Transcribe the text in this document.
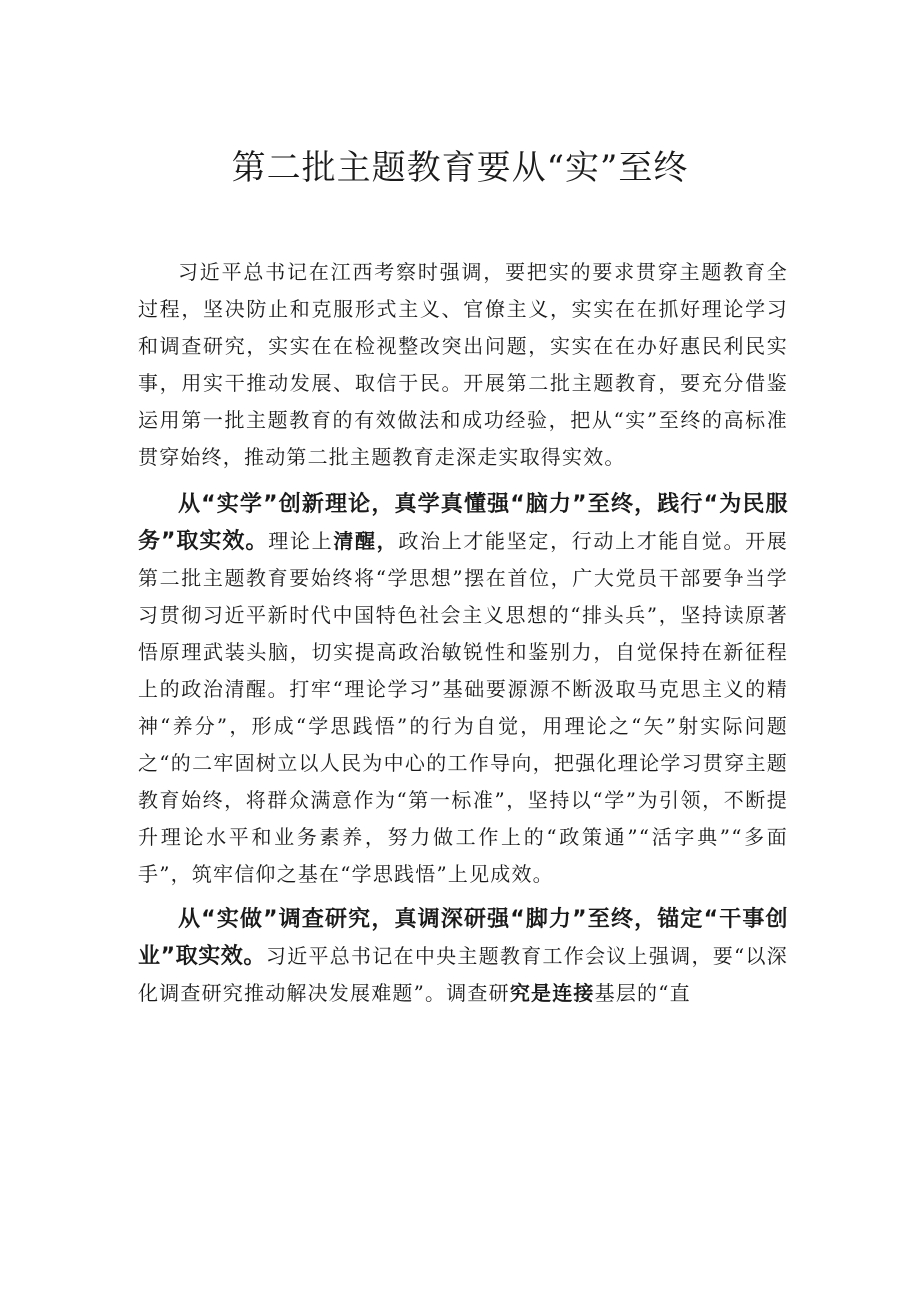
第二批主题教育要从“实”至终

习近平总书记在江西考察时强调，要把实的要求贯穿主题教育全过程，坚决防止和克服形式主义、官僚主义，实实在在抓好理论学习和调查研究，实实在在检视整改突出问题，实实在在办好惠民利民实事，用实干推动发展、取信于民。开展第二批主题教育，要充分借鉴运用第一批主题教育的有效做法和成功经验，把从“实”至终的高标准贯穿始终，推动第二批主题教育走深走实取得实效。

从“实学”创新理论，真学真懂强“脑力”至终，践行“为民服务”取实效。理论上清醒，政治上才能坚定，行动上才能自觉。开展第二批主题教育要始终将“学思想”摆在首位，广大党员干部要争当学习贯彻习近平新时代中国特色社会主义思想的“排头兵”，坚持读原著悟原理武装头脑，切实提高政治敏锐性和鉴别力，自觉保持在新征程上的政治清醒。打牢“理论学习”基础要源源不断汲取马克思主义的精神“养分”，形成“学思践悟”的行为自觉，用理论之“矢”射实际问题之“的二牢固树立以人民为中心的工作导向，把强化理论学习贯穿主题教育始终，将群众满意作为“第一标准”，坚持以“学”为引领，不断提升理论水平和业务素养，努力做工作上的“政策通”“活字典”“多面手”，筑牢信仰之基在“学思践悟”上见成效。

从“实做”调查研究，真调深研强“脚力”至终，锚定“干事创业”取实效。习近平总书记在中央主题教育工作会议上强调，要“以深化调查研究推动解决发展难题”。调查研究是连接基层的“直
